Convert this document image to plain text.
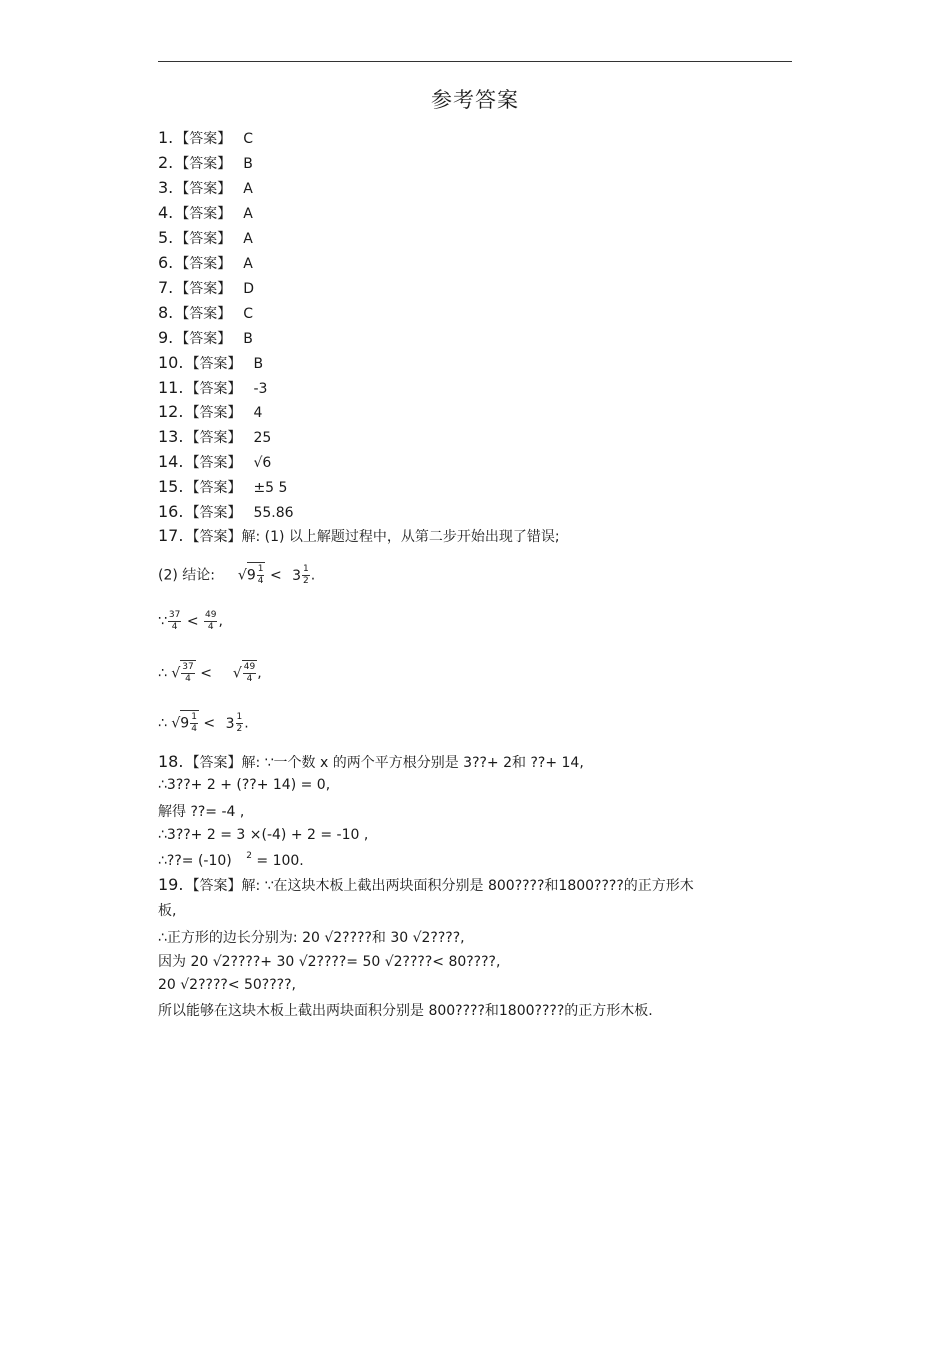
参考答案
1. 【答案】 C
2. 【答案】 B
3. 【答案】 A
4. 【答案】 A
5. 【答案】 A
6. 【答案】 A
7. 【答案】 D
8. 【答案】 C
9. 【答案】 B
10. 【答案】 B
11. 【答案】 -3
12. 【答案】 4
13. 【答案】 25
14. 【答案】 √6
15. 【答案】 ±5 5
16. 【答案】 55.86
17. 【答案】解: (1) 以上解题过程中，从第二步开始出现了错误;
(2) 结论: $√9 \frac{1}{4} < 3 \frac{1}{2}$ .
∵ $\frac{37}{4} < \frac{49}{4}$ ,
∴ √ $\frac{37}{4}$ < √ $\frac{49}{4}$ ,
∴ $√9 \frac{1}{4} < 3 \frac{1}{2}$ .
18. 【答案】解: ∵一个数 x 的两个平方根分别是 3??+ 2和 ??+ 14,
∴3??+ 2 + (??+ 14) = 0,
解得 ??= -4 ,
∴3??+ 2 = 3 ×(-4) + 2 = -10 ,
∴??= (-10) $^2$ = 100.
19. 【答案】解: ∵在这块木板上截出两块面积分别是 800????和1800????的正方形木
板,
∴正方形的边长分别为: 20 √2????和 30 √2????,
因为 20 √2????+ 30 √2????= 50 √2????< 80????,
20 √2????< 50????,
所以能够在这块木板上截出两块面积分别是 800????和1800????的正方形木板.
